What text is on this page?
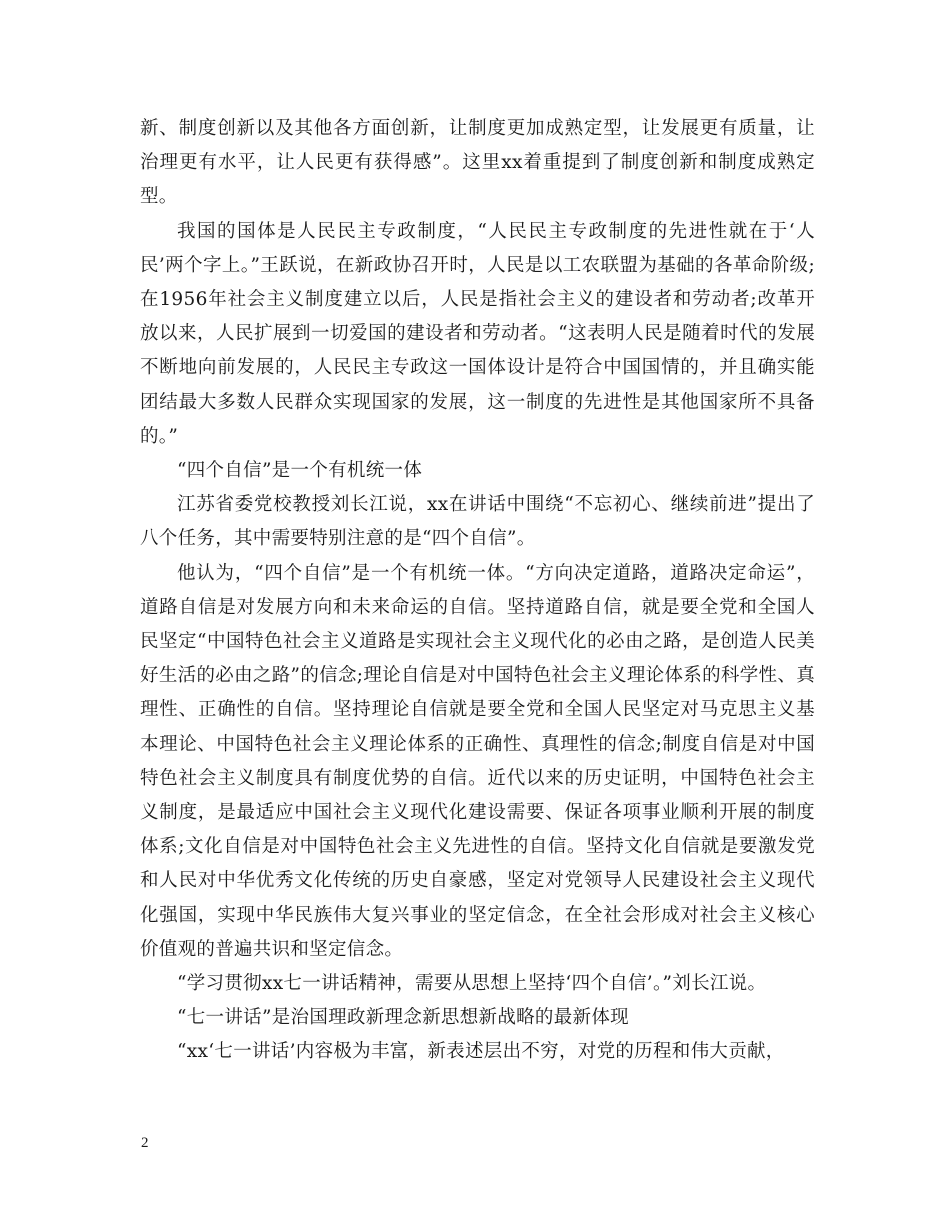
新、制度创新以及其他各方面创新，让制度更加成熟定型，让发展更有质量，让治理更有水平，让人民更有获得感”。这里xx着重提到了制度创新和制度成熟定型。

我国的国体是人民民主专政制度，“人民民主专政制度的先进性就在于‘人民’两个字上。”王跃说，在新政协召开时，人民是以工农联盟为基础的各革命阶级;在1956年社会主义制度建立以后，人民是指社会主义的建设者和劳动者;改革开放以来，人民扩展到一切爱国的建设者和劳动者。“这表明人民是随着时代的发展不断地向前发展的，人民民主专政这一国体设计是符合中国国情的，并且确实能团结最大多数人民群众实现国家的发展，这一制度的先进性是其他国家所不具备的。”

“四个自信”是一个有机统一体

江苏省委党校教授刘长江说，xx在讲话中围绕“不忘初心、继续前进”提出了八个任务，其中需要特别注意的是“四个自信”。

他认为，“四个自信”是一个有机统一体。“方向决定道路，道路决定命运”，道路自信是对发展方向和未来命运的自信。坚持道路自信，就是要全党和全国人民坚定“中国特色社会主义道路是实现社会主义现代化的必由之路，是创造人民美好生活的必由之路”的信念;理论自信是对中国特色社会主义理论体系的科学性、真理性、正确性的自信。坚持理论自信就是要全党和全国人民坚定对马克思主义基本理论、中国特色社会主义理论体系的正确性、真理性的信念;制度自信是对中国特色社会主义制度具有制度优势的自信。近代以来的历史证明，中国特色社会主义制度，是最适应中国社会主义现代化建设需要、保证各项事业顺利开展的制度体系;文化自信是对中国特色社会主义先进性的自信。坚持文化自信就是要激发党和人民对中华优秀文化传统的历史自豪感，坚定对党领导人民建设社会主义现代化强国，实现中华民族伟大复兴事业的坚定信念，在全社会形成对社会主义核心价值观的普遍共识和坚定信念。

“学习贯彻xx七一讲话精神，需要从思想上坚持‘四个自信’。”刘长江说。

“七一讲话”是治国理政新理念新思想新战略的最新体现

“xx‘七一讲话’内容极为丰富，新表述层出不穷，对党的历程和伟大贡献，

2
